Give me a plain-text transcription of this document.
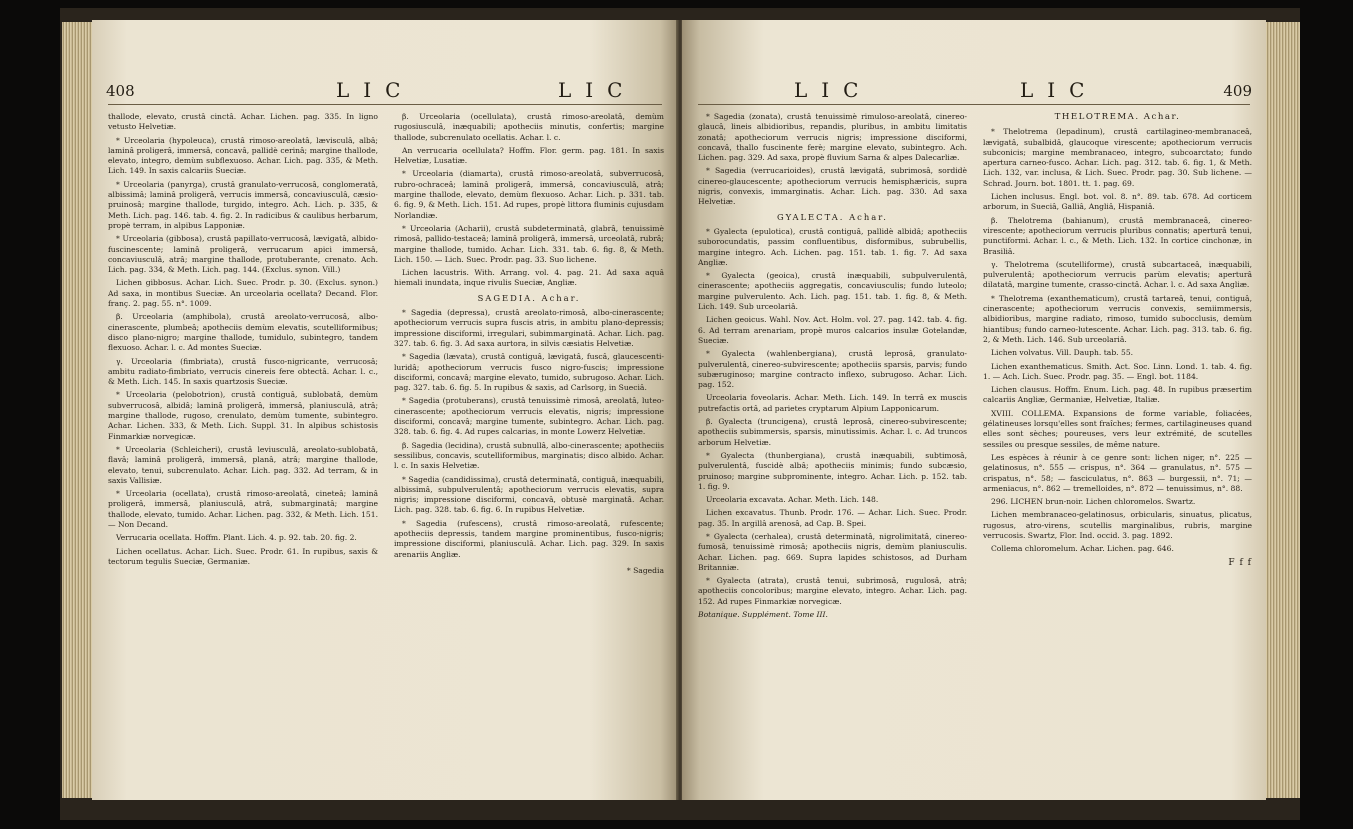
408	LIC	LIC

thallode, elevato, crustâ cinctâ. Achar. Lichen. pag. 335. In ligno vetusto Helvetiæ.

* Urceolaria (hypoleuca), crustâ rimoso-areolatâ, lævisculâ, albâ; laminâ proligerâ, immersâ, concavâ, pallidè cerinâ; margine thallode, elevato, integro, demùm subflexuoso. Achar. Lich. pag. 335, & Meth. Lich. 149. In saxis calcariis Sueciæ.

* Urceolaria (panyrga), crustâ granulato-verrucosâ, conglomeratâ, albissimâ; laminâ proligerâ, verrucis immersâ, concaviusculâ, cæsio-pruinosâ; margine thallode, turgido, integro. Ach. Lich. p. 335, & Meth. Lich. pag. 146. tab. 4. fig. 2. In radicibus & caulibus herbarum, propè terram, in alpibus Lapponiæ.

* Urceolaria (gibbosa), crustâ papillato-verrucosâ, lævigatâ, albido-fuscinescente; laminâ proligerâ, verrucarum apici immersâ, concaviusculâ, atrâ; margine thallode, protuberante, crenato. Ach. Lich. pag. 334, & Meth. Lich. pag. 144. (Exclus. synon. Vill.)

Lichen gibbosus. Achar. Lich. Suec. Prodr. p. 30. (Exclus. synon.) Ad saxa, in montibus Sueciæ. An urceolaria ocellata? Decand. Flor. franç. 2. pag. 55. n°. 1009.

β. Urceolaria (amphibola), crustâ areolato-verrucosâ, albo-cinerascente, plumbeâ; apotheciis demùm elevatis, scutelliformibus; disco plano-nigro; margine thallode, tumidulo, subintegro, tandem flexuoso. Achar. l. c. Ad montes Sueciæ.

γ. Urceolaria (fimbriata), crustâ fusco-nigricante, verrucosâ; ambitu radiato-fimbriato, verrucis cinereis fere obtectâ. Achar. l. c., & Meth. Lich. 145. In saxis quartzosis Sueciæ.

* Urceolaria (pelobotrion), crustâ contiguâ, sublobatâ, demùm subverrucosâ, albidâ; laminâ proligerâ, immersâ, planiusculâ, atrâ; margine thallode, rugoso, crenulato, demùm tumente, subintegro. Achar. Lichen. 333, & Meth. Lich. Suppl. 31. In alpibus schistosis Finmarkiæ norvegicæ.

* Urceolaria (Schleicheri), crustâ leviusculâ, areolato-sublobatâ, flavâ; laminâ proligerâ, immersâ, planâ, atrâ; margine thallode, elevato, tenui, subcrenulato. Achar. Lich. pag. 332. Ad terram, & in saxis Vallisiæ.

* Urceolaria (ocellata), crustâ rimoso-areolatâ, cineteâ; laminâ proligerâ, immersâ, planiusculâ, atrâ, submarginatâ; margine thallode, elevato, tumido. Achar. Lichen. pag. 332, & Meth. Lich. 151. — Non Decand.

Verrucaria ocellata. Hoffm. Plant. Lich. 4. p. 92. tab. 20. fig. 2.

Lichen ocellatus. Achar. Lich. Suec. Prodr. 61. In rupibus, saxis & tectorum tegulis Sueciæ, Germaniæ.

β. Urceolaria (ocellulata), crustâ rimoso-areolatâ, demùm rugosiusculâ, inæquabili; apotheciis minutis, confertis; margine thallode, subcrenulato ocellatis. Achar. l. c.

An verrucaria ocellulata? Hoffm. Flor. germ. pag. 181. In saxis Helvetiæ, Lusatiæ.

* Urceolaria (diamarta), crustâ rimoso-areolatâ, subverrucosâ, rubro-ochraceâ; laminâ proligerâ, immersâ, concaviusculâ, atrâ; margine thallode, elevato, demùm flexuoso. Achar. Lich. p. 331. tab. 6. fig. 9, & Meth. Lich. 151. Ad rupes, propè littora fluminis cujusdam Norlandiæ.

* Urceolaria (Acharii), crustâ subdeterminatâ, glabrâ, tenuissimè rimosâ, pallido-testaceâ; laminâ proligerâ, immersâ, urceolatâ, rubrâ; margine thallode, tumido. Achar. Lich. 331. tab. 6. fig. 8, & Meth. Lich. 150. — Lich. Suec. Prodr. pag. 33. Suo lichene.

Lichen lacustris. With. Arrang. vol. 4. pag. 21. Ad saxa aquâ hiemali inundata, inque rivulis Sueciæ, Angliæ.

SAGEDIA. Achar.

* Sagedia (depressa), crustâ areolato-rimosâ, albo-cinerascente; apotheciorum verrucis supra fuscis atris, in ambitu plano-depressis; impressione disciformi, irregulari, subimmarginatâ. Achar. Lich. pag. 327. tab. 6. fig. 3. Ad saxa aurtora, in silvis cæsiatis Helvetiæ.

* Sagedia (lævata), crustâ contiguâ, lævigatâ, fuscâ, glaucescenti-luridâ; apotheciorum verrucis fusco nigro-fuscis; impressione disciformi, concavâ; margine elevato, tumido, subrugoso. Achar. Lich. pag. 327. tab. 6. fig. 5. In rupibus & saxis, ad Carlsorg, in Sueciâ.

* Sagedia (protuberans), crustâ tenuissimè rimosâ, areolatâ, luteo-cinerascente; apotheciorum verrucis elevatis, nigris; impressione disciformi, concavâ; margine tumente, subintegro. Achar. Lich. pag. 328. tab. 6. fig. 4. Ad rupes calcarias, in monte Lowerz Helvetiæ.

β. Sagedia (lecidina), crustâ subnullâ, albo-cinerascente; apotheciis sessilibus, concavis, scutelliformibus, marginatis; disco albido. Achar. l. c. In saxis Helvetiæ.

* Sagedia (candidissima), crustâ determinatâ, contiguâ, inæquabili, albissimâ, subpulverulentâ; apotheciorum verrucis elevatis, supra nigris; impressione disciformi, concavâ, obtusè marginatâ. Achar. Lich. pag. 328. tab. 6. fig. 6. In rupibus Helvetiæ.

* Sagedia (rufescens), crustâ rimoso-areolatâ, rufescente; apotheciis depressis, tandem margine prominentibus, fusco-nigris; impressione disciformi, planiusculâ. Achar. Lich. pag. 329. In saxis arenariis Angliæ.

* Sagedia

LIC	LIC	409

* Sagedia (zonata), crustâ tenuissimè rimuloso-areolatâ, cinereo-glaucâ, lineis albidioribus, repandis, pluribus, in ambitu limitatis zonatâ; apotheciorum verrucis nigris; impressione disciformi, concavâ, thallo fuscinente ferè; margine elevato, subintegro. Ach. Lichen. pag. 329. Ad saxa, propè fluvium Sarna & alpes Dalecarliæ.

* Sagedia (verrucarioides), crustâ lævigatâ, subrimosâ, sordidè cinereo-glaucescente; apotheciorum verrucis hemisphæricis, supra nigris, convexis, immarginatis. Achar. Lich. pag. 330. Ad saxa Helvetiæ.

GYALECTA. Achar.

* Gyalecta (epulotica), crustâ contiguâ, pallidè albidâ; apotheciis suborocundatis, passim confluentibus, disformibus, subrubellis, margine integro. Ach. Lichen. pag. 151. tab. 1. fig. 7. Ad saxa Angliæ.

* Gyalecta (geoica), crustâ inæquabili, subpulverulentâ, cinerascente; apotheciis aggregatis, concaviusculis; fundo luteolo; margine pulverulento. Ach. Lich. pag. 151. tab. 1. fig. 8, & Meth. Lich. 149. Sub urceolariâ.

Lichen geoicus. Wahl. Nov. Act. Holm. vol. 27. pag. 142. tab. 4. fig. 6. Ad terram arenariam, propè muros calcarios insulæ Gotelandæ, Sueciæ.

* Gyalecta (wahlenbergiana), crustâ leprosâ, granulato-pulverulentâ, cinereo-subvirescente; apotheciis sparsis, parvis; fundo subæruginoso; margine contracto inflexo, subrugoso. Achar. Lich. pag. 152.

Urceolaria foveolaris. Achar. Meth. Lich. 149. In terrâ ex muscis putrefactis ortâ, ad parietes cryptarum Alpium Lapponicarum.

β. Gyalecta (truncigena), crustâ leprosâ, cinereo-subvirescente; apotheciis subimmersis, sparsis, minutissimis. Achar. l. c. Ad truncos arborum Helvetiæ.

* Gyalecta (thunbergiana), crustâ inæquabili, subtimosâ, pulverulentâ, fuscidè albâ; apotheciis minimis; fundo subcæsio, pruinoso; margine subprominente, integro. Achar. Lich. p. 152. tab. 1. fig. 9.

Urceolaria excavata. Achar. Meth. Lich. 148.

Lichen excavatus. Thunb. Prodr. 176. — Achar. Lich. Suec. Prodr. pag. 35. In argillâ arenosâ, ad Cap. B. Spei.

* Gyalecta (cerhalea), crustâ determinatâ, nigrolimitatâ, cinereo-fumosâ, tenuissimè rimosâ; apotheciis nigris, demùm planiusculis. Achar. Lichen. pag. 669. Supra lapides schistosos, ad Durham Britanniæ.

* Gyalecta (atrata), crustâ tenui, subrimosâ, rugulosâ, atrâ; apotheciis concoloribus; margine elevato, integro. Achar. Lich. pag. 152. Ad rupes Finmarkiæ norvegicæ.

Botanique. Supplément. Tome III.

THELOTREMA. Achar.

* Thelotrema (lepadinum), crustâ cartilagineo-membranaceâ, lævigatâ, subalbidâ, glaucoque virescente; apotheciorum verrucis subconicis; margine membranaceo, integro, subcoarctato; fundo apertura carneo-fusco. Achar. Lich. pag. 312. tab. 6. fig. 1, & Meth. Lich. 132, var. inclusa, & Lich. Suec. Prodr. pag. 30. Sub lichene. — Schrad. Journ. bot. 1801. tt. 1. pag. 69.

Lichen inclusus. Engl. bot. vol. 8. n°. 89. tab. 678. Ad corticem arborum, in Sueciâ, Galliâ, Angliâ, Hispaniâ.

β. Thelotrema (bahianum), crustâ membranaceâ, cinereo-virescente; apotheciorum verrucis pluribus connatis; aperturâ tenui, punctiformi. Achar. l. c., & Meth. Lich. 132. In cortice cinchonæ, in Brasiliâ.

γ. Thelotrema (scutelliforme), crustâ subcartaceâ, inæquabili, pulverulentâ; apotheciorum verrucis parùm elevatis; aperturâ dilatatâ, margine tumente, crasso-cinctâ. Achar. l. c. Ad saxa Angliæ.

* Thelotrema (exanthematicum), crustâ tartareâ, tenui, contiguâ, cinerascente; apotheciorum verrucis convexis, semiimmersis, albidioribus, margine radiato, rimoso, tumido subocclusis, demùm hiantibus; fundo carneo-lutescente. Achar. Lich. pag. 313. tab. 6. fig. 2, & Meth. Lich. 146. Sub urceolariâ.

Lichen volvatus. Vill. Dauph. tab. 55.

Lichen exanthematicus. Smith. Act. Soc. Linn. Lond. 1. tab. 4. fig. 1. — Ach. Lich. Suec. Prodr. pag. 35. — Engl. bot. 1184.

Lichen clausus. Hoffm. Enum. Lich. pag. 48. In rupibus præsertim calcariis Angliæ, Germaniæ, Helvetiæ, Italiæ.

XVIII. COLLEMA. Expansions de forme variable, foliacées, gélatineuses lorsqu'elles sont fraîches; fermes, cartilagineuses quand elles sont sèches; poureuses, vers leur extrémité, de scutelles sessiles ou presque sessiles, de même nature.

Les espèces à réunir à ce genre sont: lichen niger, n°. 225 — gelatinosus, n°. 555 — crispus, n°. 364 — granulatus, n°. 575 — crispatus, n°. 58; — fasciculatus, n°. 863 — burgessii, n°. 71; — armeniacus, n°. 862 — tremelloides, n°. 872 — tenuissimus, n°. 88.

296. LICHEN brun-noir. Lichen chloromelos. Swartz.

Lichen membranaceo-gelatinosus, orbicularis, sinuatus, plicatus, rugosus, atro-virens, scutellis marginalibus, rubris, margine verrucosis. Swartz, Flor. Ind. occid. 3. pag. 1892.

Collema chloromelum. Achar. Lichen. pag. 646.

F f f
